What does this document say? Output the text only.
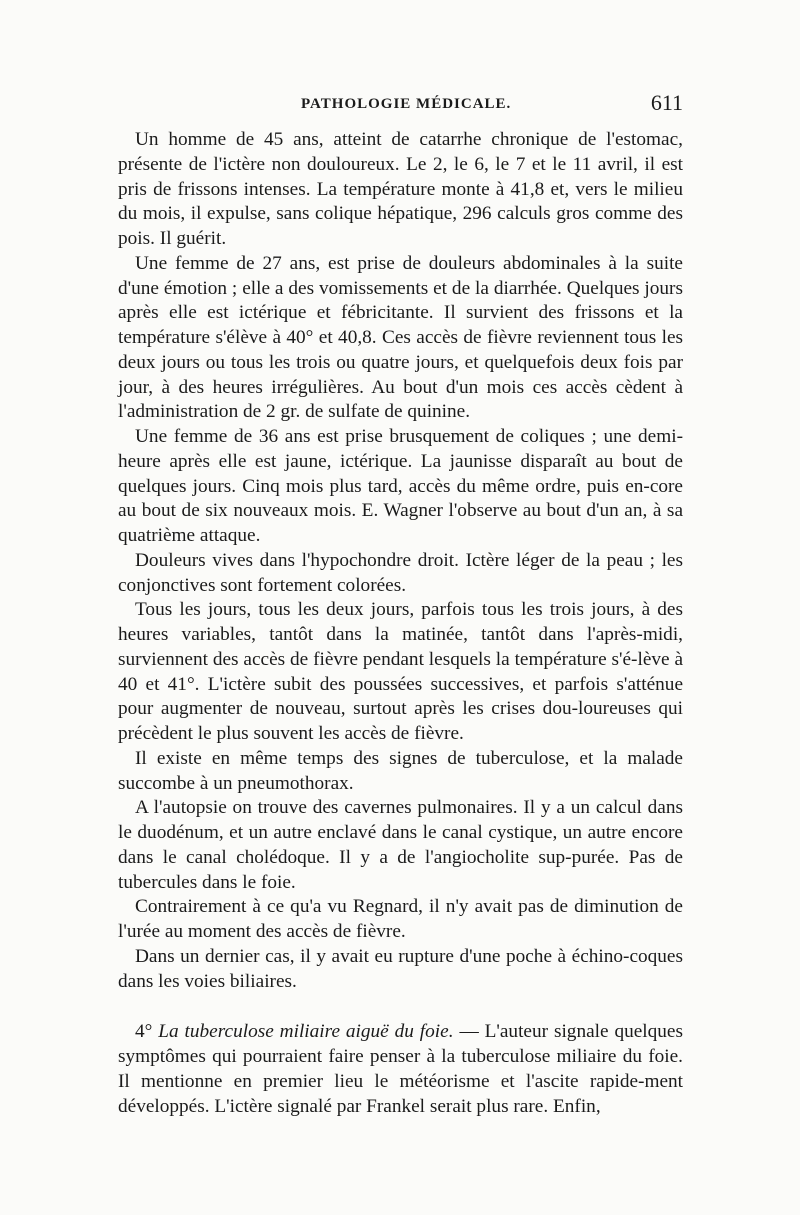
PATHOLOGIE MÉDICALE.	611

Un homme de 45 ans, atteint de catarrhe chronique de l'estomac, présente de l'ictère non douloureux. Le 2, le 6, le 7 et le 11 avril, il est pris de frissons intenses. La température monte à 41,8 et, vers le milieu du mois, il expulse, sans colique hépatique, 296 calculs gros comme des pois. Il guérit.

Une femme de 27 ans, est prise de douleurs abdominales à la suite d'une émotion ; elle a des vomissements et de la diarrhée. Quelques jours après elle est ictérique et fébricitante. Il survient des frissons et la température s'élève à 40° et 40,8. Ces accès de fièvre reviennent tous les deux jours ou tous les trois ou quatre jours, et quelquefois deux fois par jour, à des heures irrégulières. Au bout d'un mois ces accès cèdent à l'administration de 2 gr. de sulfate de quinine.

Une femme de 36 ans est prise brusquement de coliques ; une demi-heure après elle est jaune, ictérique. La jaunisse disparaît au bout de quelques jours. Cinq mois plus tard, accès du même ordre, puis en-core au bout de six nouveaux mois. E. Wagner l'observe au bout d'un an, à sa quatrième attaque.

Douleurs vives dans l'hypochondre droit. Ictère léger de la peau ; les conjonctives sont fortement colorées.

Tous les jours, tous les deux jours, parfois tous les trois jours, à des heures variables, tantôt dans la matinée, tantôt dans l'après-midi, surviennent des accès de fièvre pendant lesquels la température s'é-lève à 40 et 41°. L'ictère subit des poussées successives, et parfois s'atténue pour augmenter de nouveau, surtout après les crises dou-loureuses qui précèdent le plus souvent les accès de fièvre.

Il existe en même temps des signes de tuberculose, et la malade succombe à un pneumothorax.

A l'autopsie on trouve des cavernes pulmonaires. Il y a un calcul dans le duodénum, et un autre enclavé dans le canal cystique, un autre encore dans le canal cholédoque. Il y a de l'angiocholite sup-purée. Pas de tubercules dans le foie.

Contrairement à ce qu'a vu Regnard, il n'y avait pas de diminution de l'urée au moment des accès de fièvre.

Dans un dernier cas, il y avait eu rupture d'une poche à échino-coques dans les voies biliaires.

4° La tuberculose miliaire aiguë du foie. — L'auteur signale quelques symptômes qui pourraient faire penser à la tuberculose miliaire du foie. Il mentionne en premier lieu le météorisme et l'ascite rapide-ment développés. L'ictère signalé par Frankel serait plus rare. Enfin,
